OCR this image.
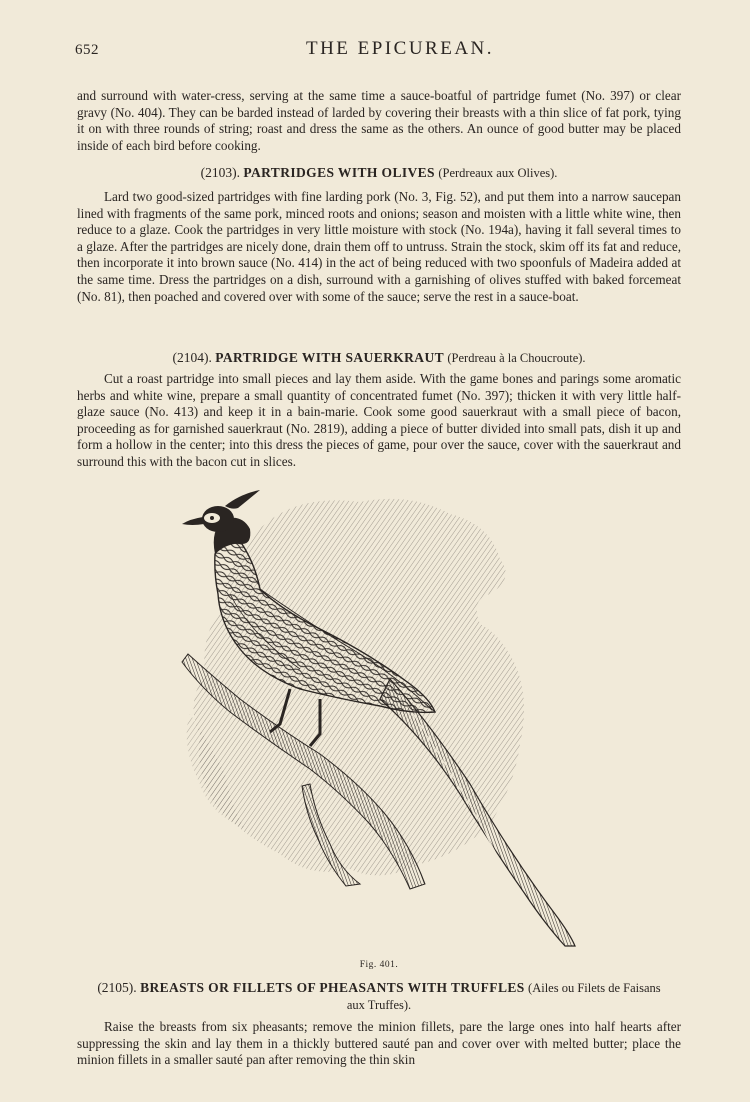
652	THE EPICUREAN.

and surround with water-cress, serving at the same time a sauce-boatful of partridge fumet (No. 397) or clear gravy (No. 404). They can be barded instead of larded by covering their breasts with a thin slice of fat pork, tying it on with three rounds of string; roast and dress the same as the others. An ounce of good butter may be placed inside of each bird before cooking.

(2103). PARTRIDGES WITH OLIVES (Perdreaux aux Olives).

Lard two good-sized partridges with fine larding pork (No. 3, Fig. 52), and put them into a narrow saucepan lined with fragments of the same pork, minced roots and onions; season and moisten with a little white wine, then reduce to a glaze. Cook the partridges in very little moisture with stock (No. 194a), having it fall several times to a glaze. After the partridges are nicely done, drain them off to untruss. Strain the stock, skim off its fat and reduce, then incorporate it into brown sauce (No. 414) in the act of being reduced with two spoonfuls of Madeira added at the same time. Dress the partridges on a dish, surround with a garnishing of olives stuffed with baked forcemeat (No. 81), then poached and covered over with some of the sauce; serve the rest in a sauce-boat.

(2104). PARTRIDGE WITH SAUERKRAUT (Perdreau à la Choucroute).

Cut a roast partridge into small pieces and lay them aside. With the game bones and parings some aromatic herbs and white wine, prepare a small quantity of concentrated fumet (No. 397); thicken it with very little half-glaze sauce (No. 413) and keep it in a bain-marie. Cook some good sauerkraut with a small piece of bacon, proceeding as for garnished sauerkraut (No. 2819), adding a piece of butter divided into small pats, dish it up and form a hollow in the center; into this dress the pieces of game, pour over the sauce, cover with the sauerkraut and surround this with the bacon cut in slices.

Fig. 401.
(2105). BREASTS OR FILLETS OF PHEASANTS WITH TRUFFLES (Ailes ou Filets de Faisans
aux Truffes).

Raise the breasts from six pheasants; remove the minion fillets, pare the large ones into half hearts after suppressing the skin and lay them in a thickly buttered sauté pan and cover over with melted butter; place the minion fillets in a smaller sauté pan after removing the thin skin
